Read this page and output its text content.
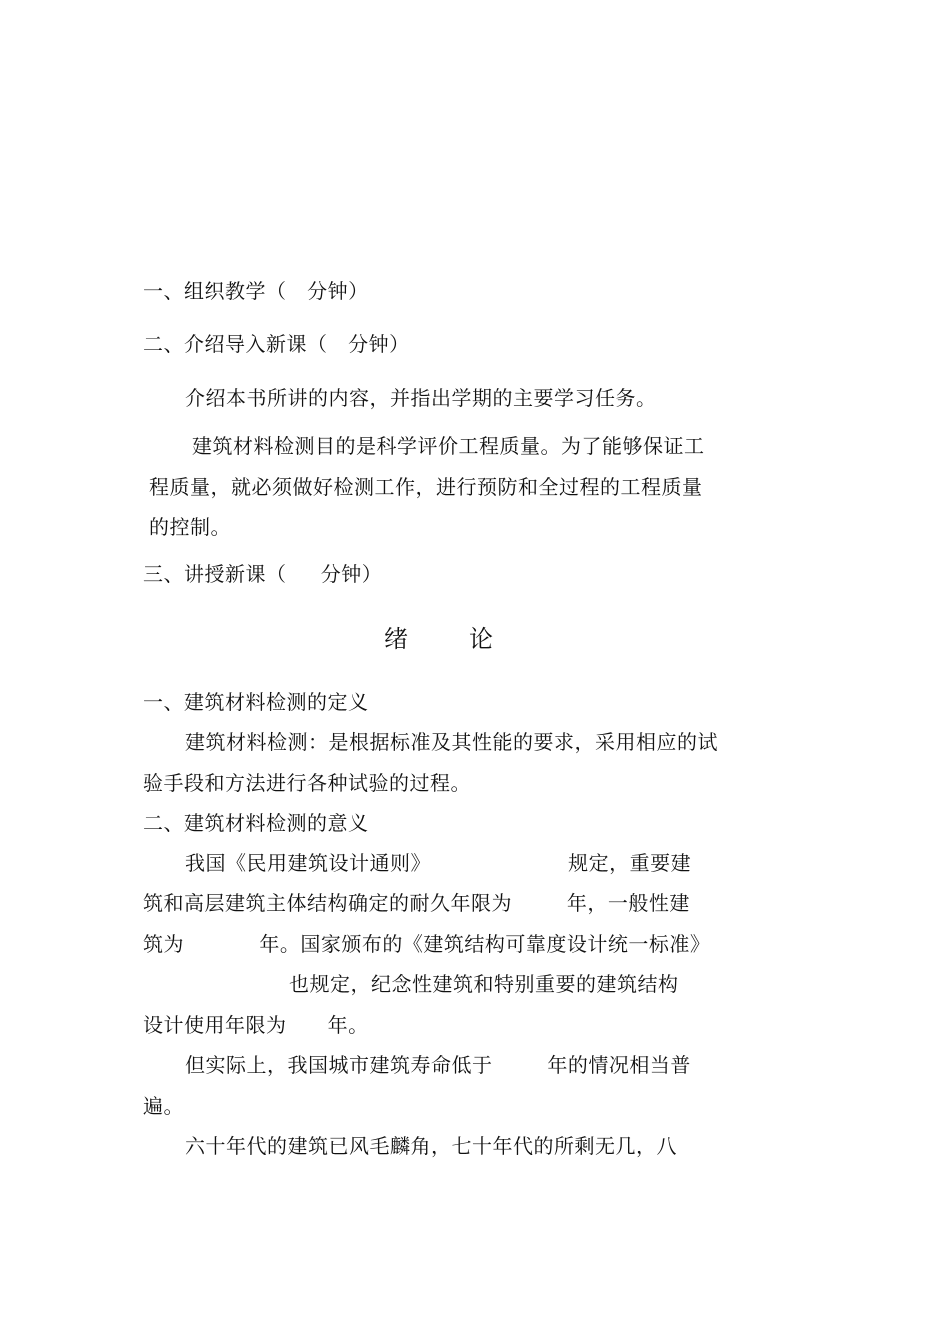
一、组织教学（   分钟）
二、介绍导入新课（   分钟）
介绍本书所讲的内容，并指出学期的主要学习任务。
建筑材料检测目的是科学评价工程质量。为了能够保证工
程质量，就必须做好检测工作，进行预防和全过程的工程质量
的控制。
三、讲授新课（     分钟）
绪        论
一、建筑材料检测的定义
建筑材料检测：是根据标准及其性能的要求，采用相应的试
验手段和方法进行各种试验的过程。
二、建筑材料检测的意义
我国《民用建筑设计通则》                    规定，重要建
筑和高层建筑主体结构确定的耐久年限为        年，一般性建
筑为           年。国家颁布的《建筑结构可靠度设计统一标准》
也规定，纪念性建筑和特别重要的建筑结构
设计使用年限为      年。
但实际上，我国城市建筑寿命低于        年的情况相当普
遍。
六十年代的建筑已风毛麟角，七十年代的所剩无几，八
